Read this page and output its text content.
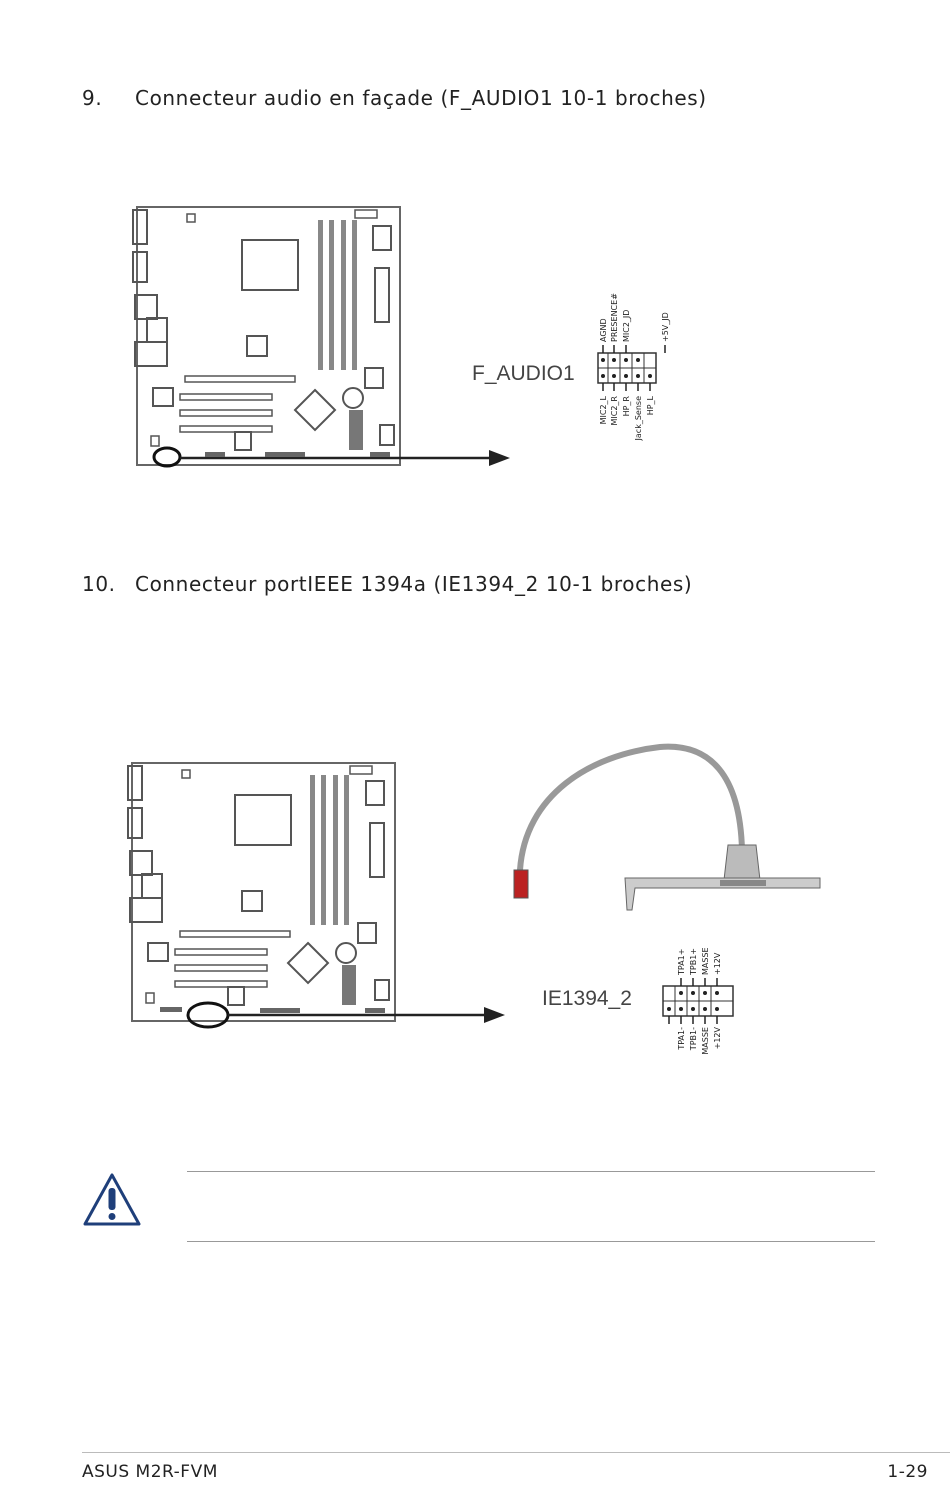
9. Connecteur audio en façade (F_AUDIO1 10-1 broches)
AGND PRESENCE# MIC2_JD	+5V_JD
MIC2_L MIC2_R HP_R Jack_Sense HP_L
F_AUDIO1
10. Connecteur portIEEE 1394a (IE1394_2 10-1 broches)
TPA1+ TPB1+ MASSE +12V
TPA1- TPB1- MASSE +12V
IE1394_2
ASUS M2R-FVM	1-29
